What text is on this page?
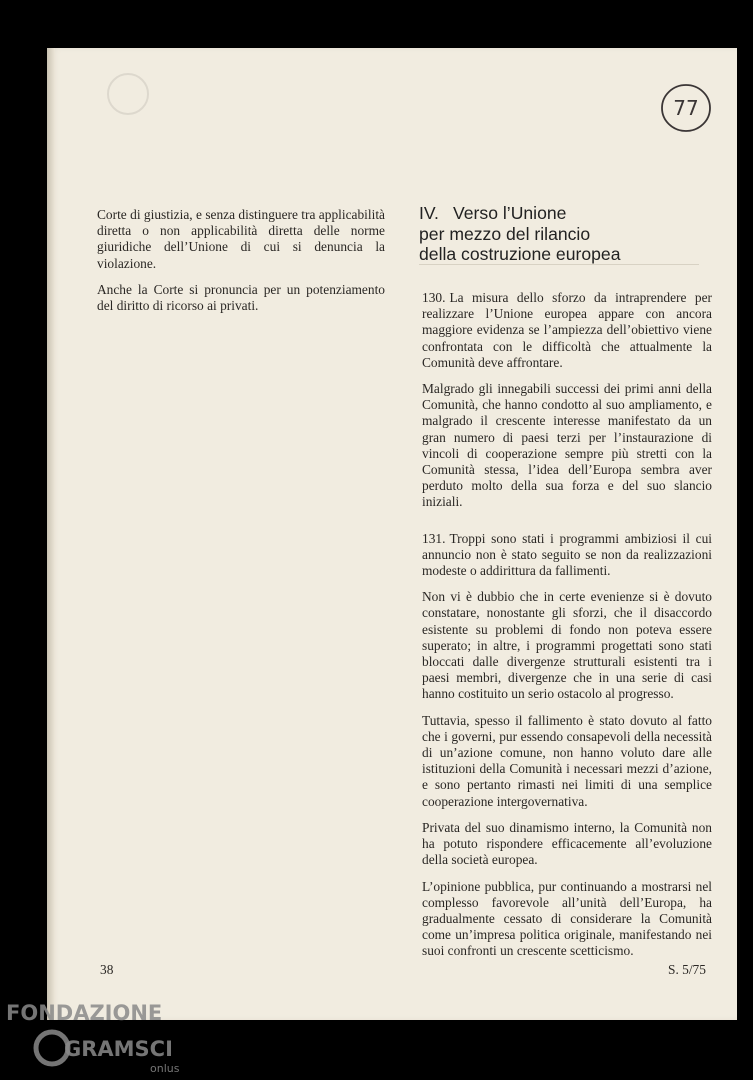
77

Corte di giustizia, e senza distinguere tra applicabilità diretta o non applicabilità diretta delle norme giuridiche dell’Unione di cui si denuncia la violazione.

Anche la Corte si pronuncia per un potenziamento del diritto di ricorso ai privati.

IV. Verso l’Unione
per mezzo del rilancio
della costruzione europea

130. La misura dello sforzo da intraprendere per realizzare l’Unione europea appare con ancora maggiore evidenza se l’ampiezza dell’obiettivo viene confrontata con le difficoltà che attualmente la Comunità deve affrontare.

Malgrado gli innegabili successi dei primi anni della Comunità, che hanno condotto al suo ampliamento, e malgrado il crescente interesse manifestato da un gran numero di paesi terzi per l’instaurazione di vincoli di cooperazione sempre più stretti con la Comunità stessa, l’idea dell’Europa sembra aver perduto molto della sua forza e del suo slancio iniziali.

131. Troppi sono stati i programmi ambiziosi il cui annuncio non è stato seguito se non da realizzazioni modeste o addirittura da fallimenti.

Non vi è dubbio che in certe evenienze si è dovuto constatare, nonostante gli sforzi, che il disaccordo esistente su problemi di fondo non poteva essere superato; in altre, i programmi progettati sono stati bloccati dalle divergenze strutturali esistenti tra i paesi membri, divergenze che in una serie di casi hanno costituito un serio ostacolo al progresso.

Tuttavia, spesso il fallimento è stato dovuto al fatto che i governi, pur essendo consapevoli della necessità di un’azione comune, non hanno voluto dare alle istituzioni della Comunità i necessari mezzi d’azione, e sono pertanto rimasti nei limiti di una semplice cooperazione intergovernativa.

Privata del suo dinamismo interno, la Comunità non ha potuto rispondere efficacemente all’evoluzione della società europea.

L’opinione pubblica, pur continuando a mostrarsi nel complesso favorevole all’unità dell’Europa, ha gradualmente cessato di considerare la Comunità come un’impresa politica originale, manifestando nei suoi confronti un crescente scetticismo.

38	S. 5/75
FONDAZIONE
GRAMSCI
onlus
